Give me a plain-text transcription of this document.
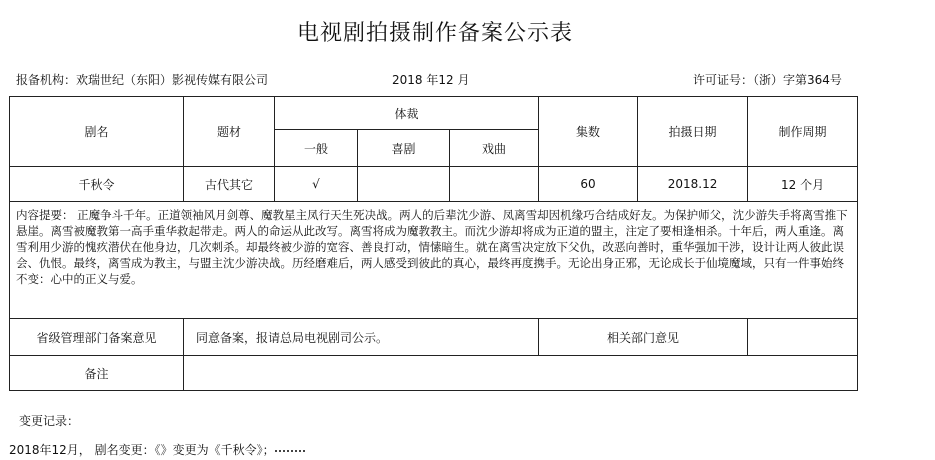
电视剧拍摄制作备案公示表
报备机构：欢瑞世纪（东阳）影视传媒有限公司	2018 年12 月	许可证号：（浙）字第364号
剧名	题材	体裁			集数	拍摄日期	制作周期
		一般	喜剧	戏曲			
千秋令	古代其它	√			60	2018.12	12 个月
内容提要： 正魔争斗千年。正道领袖风月剑尊、魔教星主凤行天生死决战。两人的后辈沈少游、凤离雪却因机缘巧合结成好友。为保护师父，沈少游失手将离雪推下悬崖。离雪被魔教第一高手重华救起带走。两人的命运从此改写。离雪将成为魔教教主。而沈少游却将成为正道的盟主，注定了要相逢相杀。十年后，两人重逢。离雪利用少游的愧疚潜伏在他身边，几次刺杀。却最终被少游的宽容、善良打动，情愫暗生。就在离雪决定放下父仇，改恶向善时，重华强加干涉，设计让两人彼此误会、仇恨。最终，离雪成为教主，与盟主沈少游决战。历经磨难后，两人感受到彼此的真心，最终再度携手。无论出身正邪，无论成长于仙境魔域，只有一件事始终不变：心中的正义与爱。							
省级管理部门备案意见	同意备案，报请总局电视剧司公示。				相关部门意见		
备注							
变更记录：
2018年12月， 剧名变更：《》变更为《千秋令》；
